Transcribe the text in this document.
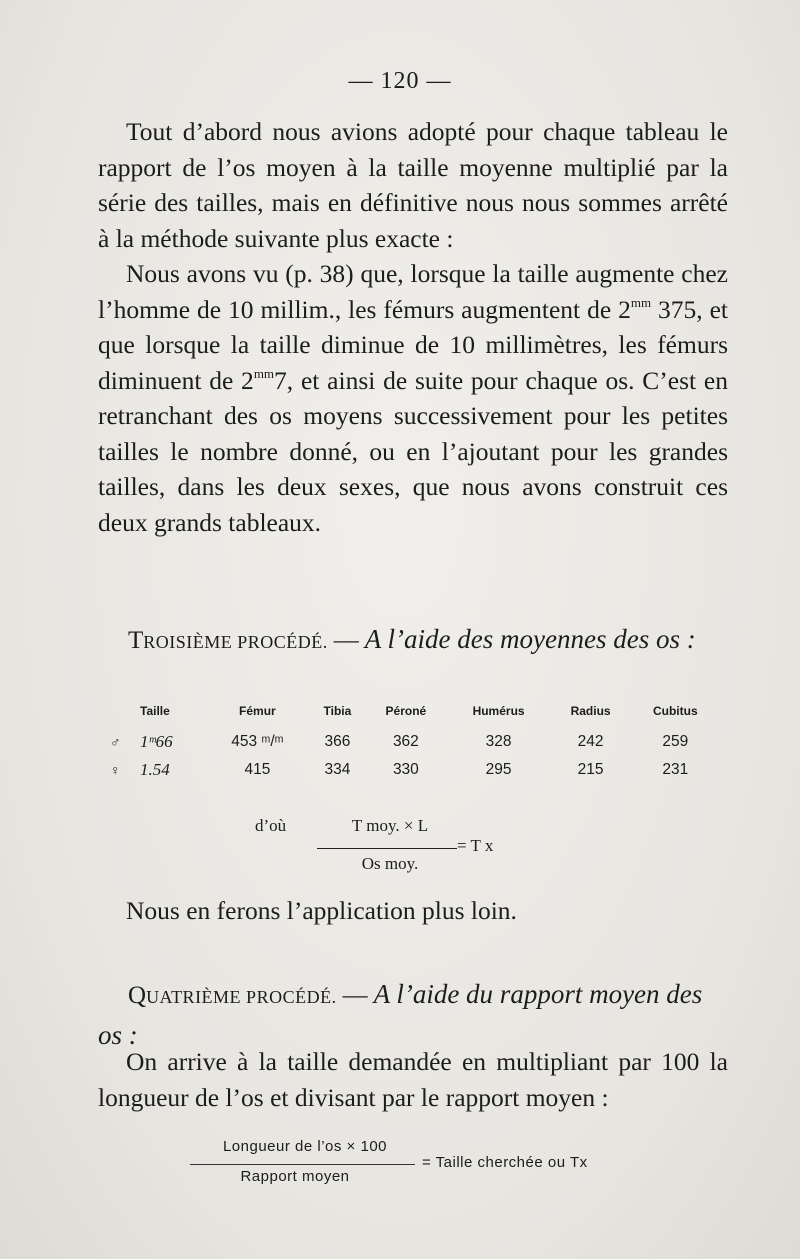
— 120 —
Tout d’abord nous avions adopté pour chaque tableau le rapport de l’os moyen à la taille moyenne multiplié par la série des tailles, mais en définitive nous nous sommes arrêté à la méthode suivante plus exacte :
Nous avons vu (p. 38) que, lorsque la taille augmente chez l’homme de 10 millim., les fémurs augmentent de $2^{mm}$ 375, et que lorsque la taille diminue de 10 millimètres, les fémurs diminuent de $2^{mm}7$, et ainsi de suite pour chaque os. C’est en retranchant des os moyens successivement pour les petites tailles le nombre donné, ou en l’ajoutant pour les grandes tailles, dans les deux sexes, que nous avons construit ces deux grands tableaux.
TROISIÈME PROCÉDÉ. — A l’aide des moyennes des os :
	Taille	Fémur	Tibia	Péroné	Humérus	Radius	Cubitus
♂	1ᵐ66	453 ᵐ/ᵐ	366	362	328	242	259
♀	1.54	415	334	330	295	215	231
d’où	T moy. × L
Os moy.
= T x
Nous en ferons l’application plus loin.
QUATRIÈME PROCÉDÉ. — A l’aide du rapport moyen des os :
On arrive à la taille demandée en multipliant par 100 la longueur de l’os et divisant par le rapport moyen :
Longueur de l’os × 100
Rapport moyen
= Taille cherchée ou Tx
